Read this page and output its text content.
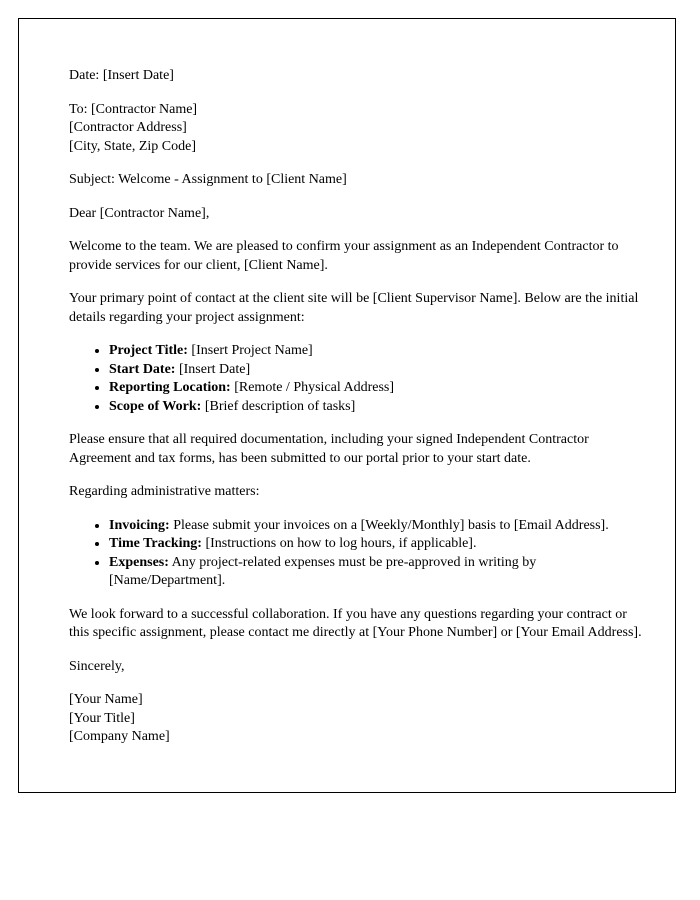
Date: [Insert Date]

To: [Contractor Name]

[Contractor Address]

[City, State, Zip Code]

Subject: Welcome - Assignment to [Client Name]

Dear [Contractor Name],

Welcome to the team. We are pleased to confirm your assignment as an Independent Contractor to provide services for our client, [Client Name].

Your primary point of contact at the client site will be [Client Supervisor Name]. Below are the initial details regarding your project assignment:

• Project Title: [Insert Project Name]
• Start Date: [Insert Date]
• Reporting Location: [Remote / Physical Address]
• Scope of Work: [Brief description of tasks]

Please ensure that all required documentation, including your signed Independent Contractor Agreement and tax forms, has been submitted to our portal prior to your start date.

Regarding administrative matters:

• Invoicing: Please submit your invoices on a [Weekly/Monthly] basis to [Email Address].
• Time Tracking: [Instructions on how to log hours, if applicable].
• Expenses: Any project-related expenses must be pre-approved in writing by [Name/Department].

We look forward to a successful collaboration. If you have any questions regarding your contract or this specific assignment, please contact me directly at [Your Phone Number] or [Your Email Address].

Sincerely,

[Your Name]

[Your Title]

[Company Name]
